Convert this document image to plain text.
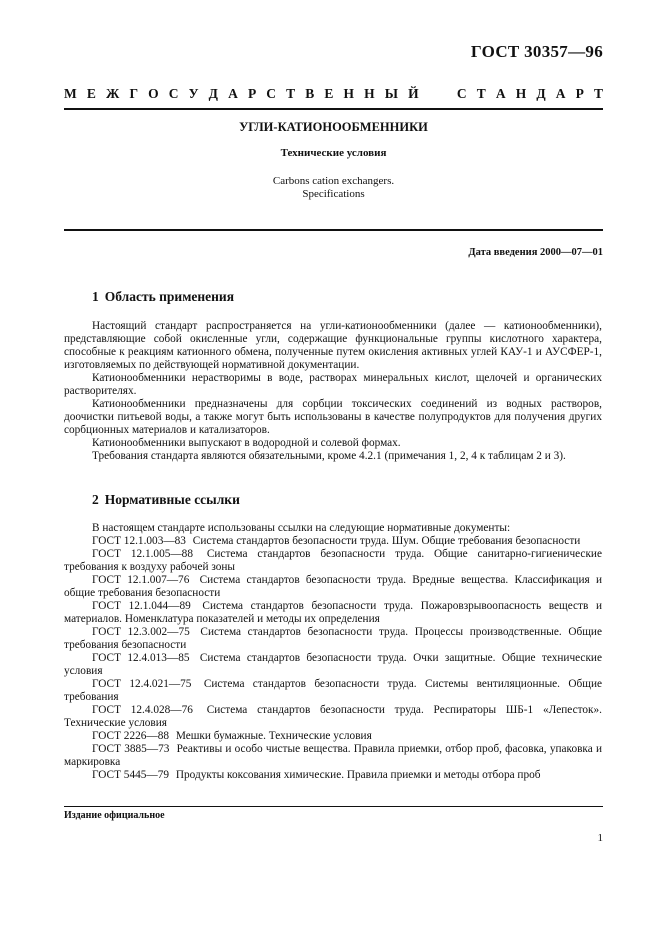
ГОСТ 30357—96
М Е Ж Г О С У Д А Р С Т В Е Н Н Ы Й	С Т А Н Д А Р Т
УГЛИ-КАТИОНООБМЕННИКИ
Технические условия
Carbons cation exchangers.
Specifications
Дата введения 2000—07—01
1 Область применения

Настоящий стандарт распространяется на угли-катионообменники (далее — катионообменники), представляющие собой окисленные угли, содержащие функциональные группы кислотного характера, способные к реакциям катионного обмена, полученные путем окисления активных углей КАУ-1 и АУСФЕР-1, изготовляемых по действующей нормативной документации.

Катионообменники нерастворимы в воде, растворах минеральных кислот, щелочей и органических растворителях.

Катионообменники предназначены для сорбции токсических соединений из водных растворов, доочистки питьевой воды, а также могут быть использованы в качестве полупродуктов для получения других сорбционных материалов и катализаторов.

Катионообменники выпускают в водородной и солевой формах.

Требования стандарта являются обязательными, кроме 4.2.1 (примечания 1, 2, 4 к таблицам 2 и 3).

2 Нормативные ссылки

В настоящем стандарте использованы ссылки на следующие нормативные документы:

ГОСТ 12.1.003—83 Система стандартов безопасности труда. Шум. Общие требования безопасности

ГОСТ 12.1.005—88 Система стандартов безопасности труда. Общие санитарно-гигиенические требования к воздуху рабочей зоны

ГОСТ 12.1.007—76 Система стандартов безопасности труда. Вредные вещества. Классификация и общие требования безопасности

ГОСТ 12.1.044—89 Система стандартов безопасности труда. Пожаровзрывоопасность веществ и материалов. Номенклатура показателей и методы их определения

ГОСТ 12.3.002—75 Система стандартов безопасности труда. Процессы производственные. Общие требования безопасности

ГОСТ 12.4.013—85 Система стандартов безопасности труда. Очки защитные. Общие технические условия

ГОСТ 12.4.021—75 Система стандартов безопасности труда. Системы вентиляционные. Общие требования

ГОСТ 12.4.028—76 Система стандартов безопасности труда. Респираторы ШБ-1 «Лепесток». Технические условия

ГОСТ 2226—88 Мешки бумажные. Технические условия

ГОСТ 3885—73 Реактивы и особо чистые вещества. Правила приемки, отбор проб, фасовка, упаковка и маркировка

ГОСТ 5445—79 Продукты коксования химические. Правила приемки и методы отбора проб

Издание официальное
1
